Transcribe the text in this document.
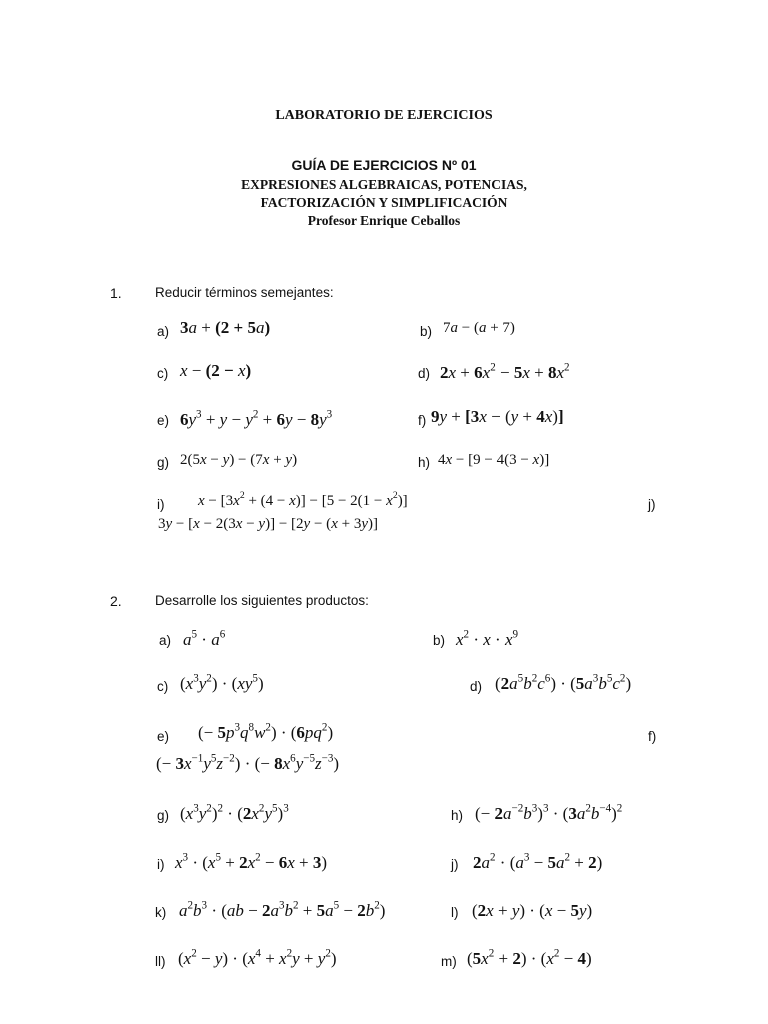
LABORATORIO DE EJERCICIOS
GUÍA DE EJERCICIOS Nº 01
EXPRESIONES ALGEBRAICAS, POTENCIAS,
FACTORIZACIÓN Y SIMPLIFICACIÓN
Profesor Enrique Ceballos
1. Reducir términos semejantes:
a) 3a + (2 + 5a)	b) 7a − (a + 7)
c) x − (2 − x)	d) $2x + 6x^2 - 5x + 8x^2$
e) $6y^3 + y - y^2 + 6y - 8y^3$	f) 9y + [3x − (y + 4x)]
g) 2(5x − y) − (7x + y)	h) 4x − [9 − 4(3 − x)]
i) $x - [3x^2 + (4 - x)] - [5 - 2(1 - x^2)]$	j)
3y − [x − 2(3x − y)] − [2y − (x + 3y)]
2. Desarrolle los siguientes productos:
a) $a^5 \cdot a^6$	b) $x^2 \cdot x \cdot x^9$
c) $(x^3y^2) \cdot (xy^5)$	d) $(2a^5b^2c^6) \cdot (5a^3b^5c^2)$
e) (− $5p^3q^8w^2) \cdot (6pq^2)$	f)
(− $3x^{-1}y^5z^{-2}$) · (− $8x^6y^{-5}z^{-3}$)
g) $(x^3y^2)^2 \cdot (2x^2y^5)^3$	h) (− $2a^{-2}b^3)^3 \cdot (3a^2b^{-4})^2$
i) $x^3 \cdot (x^5 + 2x^2 - 6x + 3)$	j) $2a^2 \cdot (a^3 - 5a^2 + 2)$
k) $a^2b^3 \cdot (ab - 2a^3b^2 + 5a^5 - 2b^2)$	l) (2x + y) · (x − 5y)
ll) $(x^2 - y) \cdot (x^4 + x^2y + y^2)$	m) $(5x^2 + 2) \cdot (x^2 - 4)$
